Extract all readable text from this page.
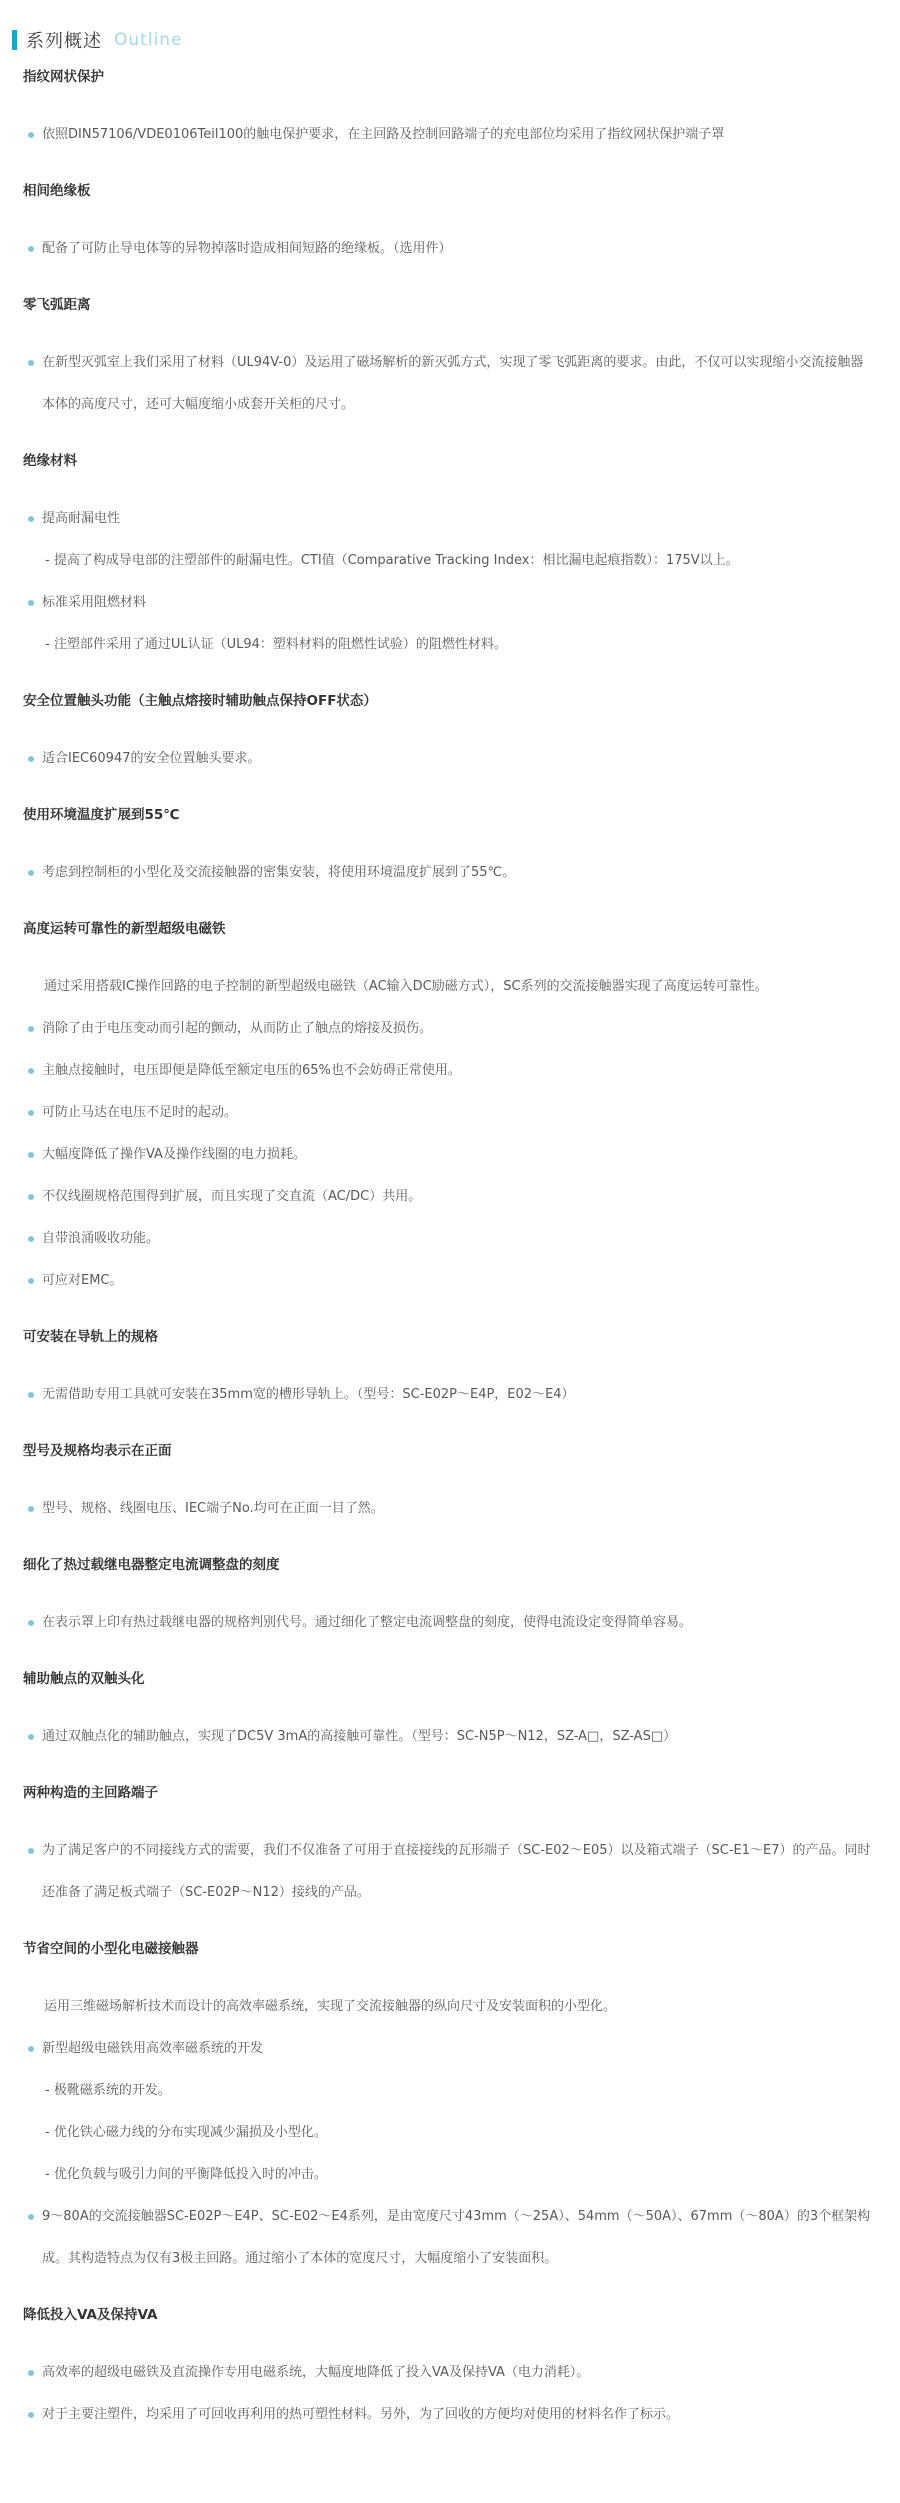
系列概述 Outline
指纹网状保护
依照DIN57106/VDE0106Teil100的触电保护要求，在主回路及控制回路端子的充电部位均采用了指纹网状保护端子罩
相间绝缘板
配备了可防止导电体等的异物掉落时造成相间短路的绝缘板。（选用件）
零飞弧距离
在新型灭弧室上我们采用了材料（UL94V-0）及运用了磁场解析的新灭弧方式，实现了零飞弧距离的要求。由此，不仅可以实现缩小交流接触器本体的高度尺寸，还可大幅度缩小成套开关柜的尺寸。
绝缘材料
提高耐漏电性
- 提高了构成导电部的注塑部件的耐漏电性。CTI值（Comparative Tracking Index：相比漏电起痕指数）：175V以上。
标准采用阻燃材料
- 注塑部件采用了通过UL认证（UL94：塑料材料的阻燃性试验）的阻燃性材料。
安全位置触头功能（主触点熔接时辅助触点保持OFF状态）
适合IEC60947的安全位置触头要求。
使用环境温度扩展到55℃
考虑到控制柜的小型化及交流接触器的密集安装，将使用环境温度扩展到了55℃。
高度运转可靠性的新型超级电磁铁
通过采用搭载IC操作回路的电子控制的新型超级电磁铁（AC输入DC励磁方式），SC系列的交流接触器实现了高度运转可靠性。
消除了由于电压变动而引起的颤动，从而防止了触点的熔接及损伤。
主触点接触时，电压即便是降低至额定电压的65%也不会妨碍正常使用。
可防止马达在电压不足时的起动。
大幅度降低了操作VA及操作线圈的电力损耗。
不仅线圈规格范围得到扩展，而且实现了交直流（AC/DC）共用。
自带浪涌吸收功能。
可应对EMC。
可安装在导轨上的规格
无需借助专用工具就可安装在35mm宽的槽形导轨上。（型号：SC-E02P～E4P，E02～E4）
型号及规格均表示在正面
型号、规格、线圈电压、IEC端子No.均可在正面一目了然。
细化了热过载继电器整定电流调整盘的刻度
在表示罩上印有热过载继电器的规格判别代号。通过细化了整定电流调整盘的刻度，使得电流设定变得简单容易。
辅助触点的双触头化
通过双触点化的辅助触点，实现了DC5V 3mA的高接触可靠性。（型号：SC-N5P～N12，SZ-A□，SZ-AS□）
两种构造的主回路端子
为了满足客户的不同接线方式的需要，我们不仅准备了可用于直接接线的瓦形端子（SC-E02～E05）以及箱式端子（SC-E1～E7）的产品。同时还准备了满足板式端子（SC-E02P～N12）接线的产品。
节省空间的小型化电磁接触器
运用三维磁场解析技术而设计的高效率磁系统，实现了交流接触器的纵向尺寸及安装面积的小型化。
新型超级电磁铁用高效率磁系统的开发
- 极靴磁系统的开发。
- 优化铁心磁力线的分布实现减少漏损及小型化。
- 优化负载与吸引力间的平衡降低投入时的冲击。
9～80A的交流接触器SC-E02P～E4P、SC-E02～E4系列，是由宽度尺寸43mm（～25A）、54mm（～50A）、67mm（～80A）的3个框架构成。其构造特点为仅有3极主回路。通过缩小了本体的宽度尺寸，大幅度缩小了安装面积。
降低投入VA及保持VA
高效率的超级电磁铁及直流操作专用电磁系统，大幅度地降低了投入VA及保持VA（电力消耗）。
对于主要注塑件，均采用了可回收再利用的热可塑性材料。另外，为了回收的方便均对使用的材料名作了标示。
